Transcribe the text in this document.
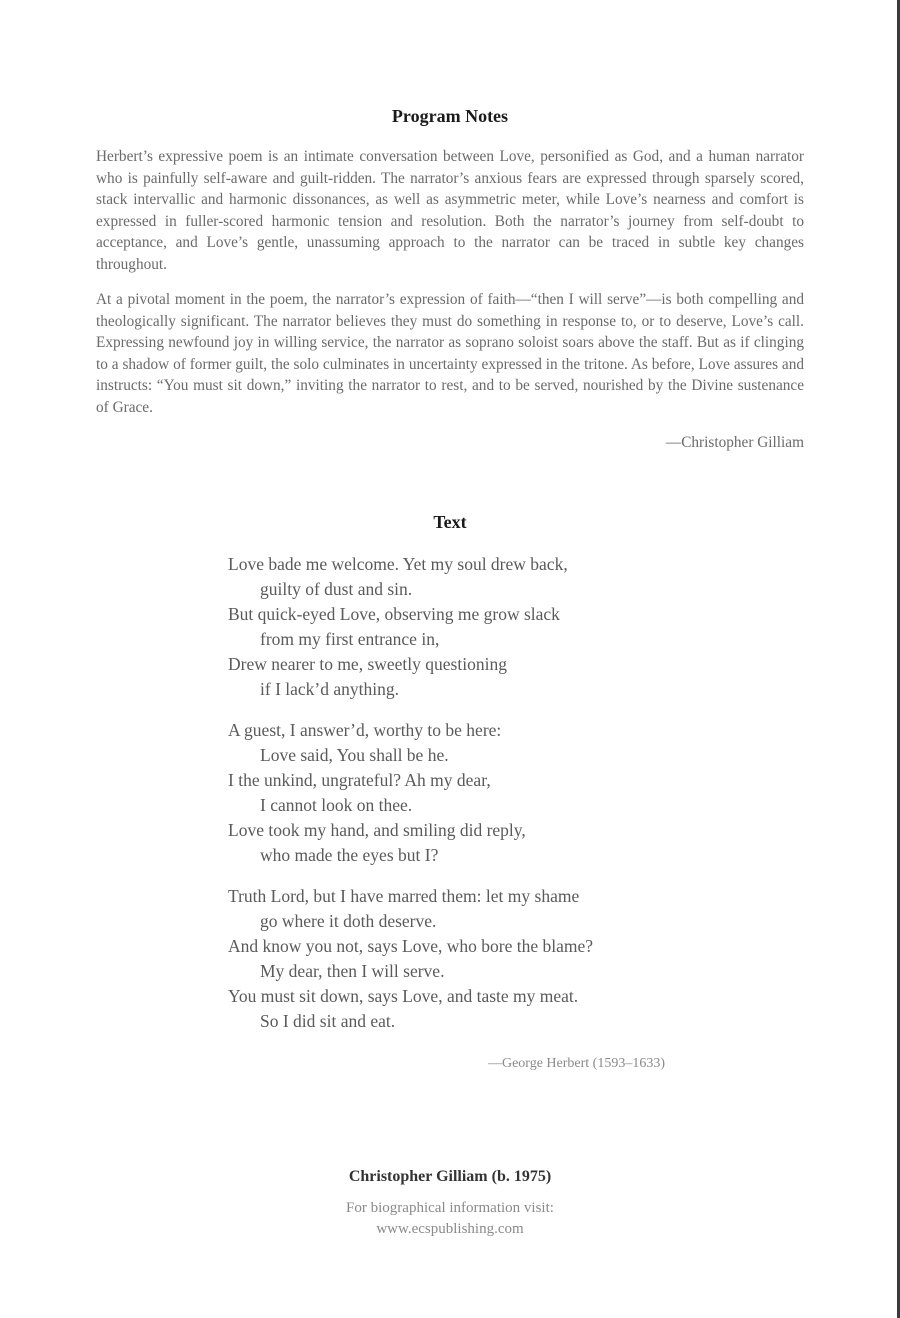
Program Notes

Herbert’s expressive poem is an intimate conversation between Love, personified as God, and a human narrator who is painfully self-aware and guilt-ridden. The narrator’s anxious fears are expressed through sparsely scored, stack intervallic and harmonic dissonances, as well as asymmetric meter, while Love’s nearness and comfort is expressed in fuller-scored harmonic tension and resolution. Both the narrator’s journey from self-doubt to acceptance, and Love’s gentle, unassuming approach to the narrator can be traced in subtle key changes throughout.

At a pivotal moment in the poem, the narrator’s expression of faith—“then I will serve”—is both compelling and theologically significant. The narrator believes they must do something in response to, or to deserve, Love’s call. Expressing newfound joy in willing service, the narrator as soprano soloist soars above the staff. But as if clinging to a shadow of former guilt, the solo culminates in uncertainty expressed in the tritone. As before, Love assures and instructs: “You must sit down,” inviting the narrator to rest, and to be served, nourished by the Divine sustenance of Grace.

—Christopher Gilliam
Text
Love bade me welcome. Yet my soul drew back,
guilty of dust and sin.
But quick-eyed Love, observing me grow slack
from my first entrance in,
Drew nearer to me, sweetly questioning
if I lack’d anything.
A guest, I answer’d, worthy to be here:
Love said, You shall be he.
I the unkind, ungrateful? Ah my dear,
I cannot look on thee.
Love took my hand, and smiling did reply,
who made the eyes but I?
Truth Lord, but I have marred them: let my shame
go where it doth deserve.
And know you not, says Love, who bore the blame?
My dear, then I will serve.
You must sit down, says Love, and taste my meat.
So I did sit and eat.
—George Herbert (1593–1633)
Christopher Gilliam (b. 1975)
For biographical information visit:
www.ecspublishing.com
